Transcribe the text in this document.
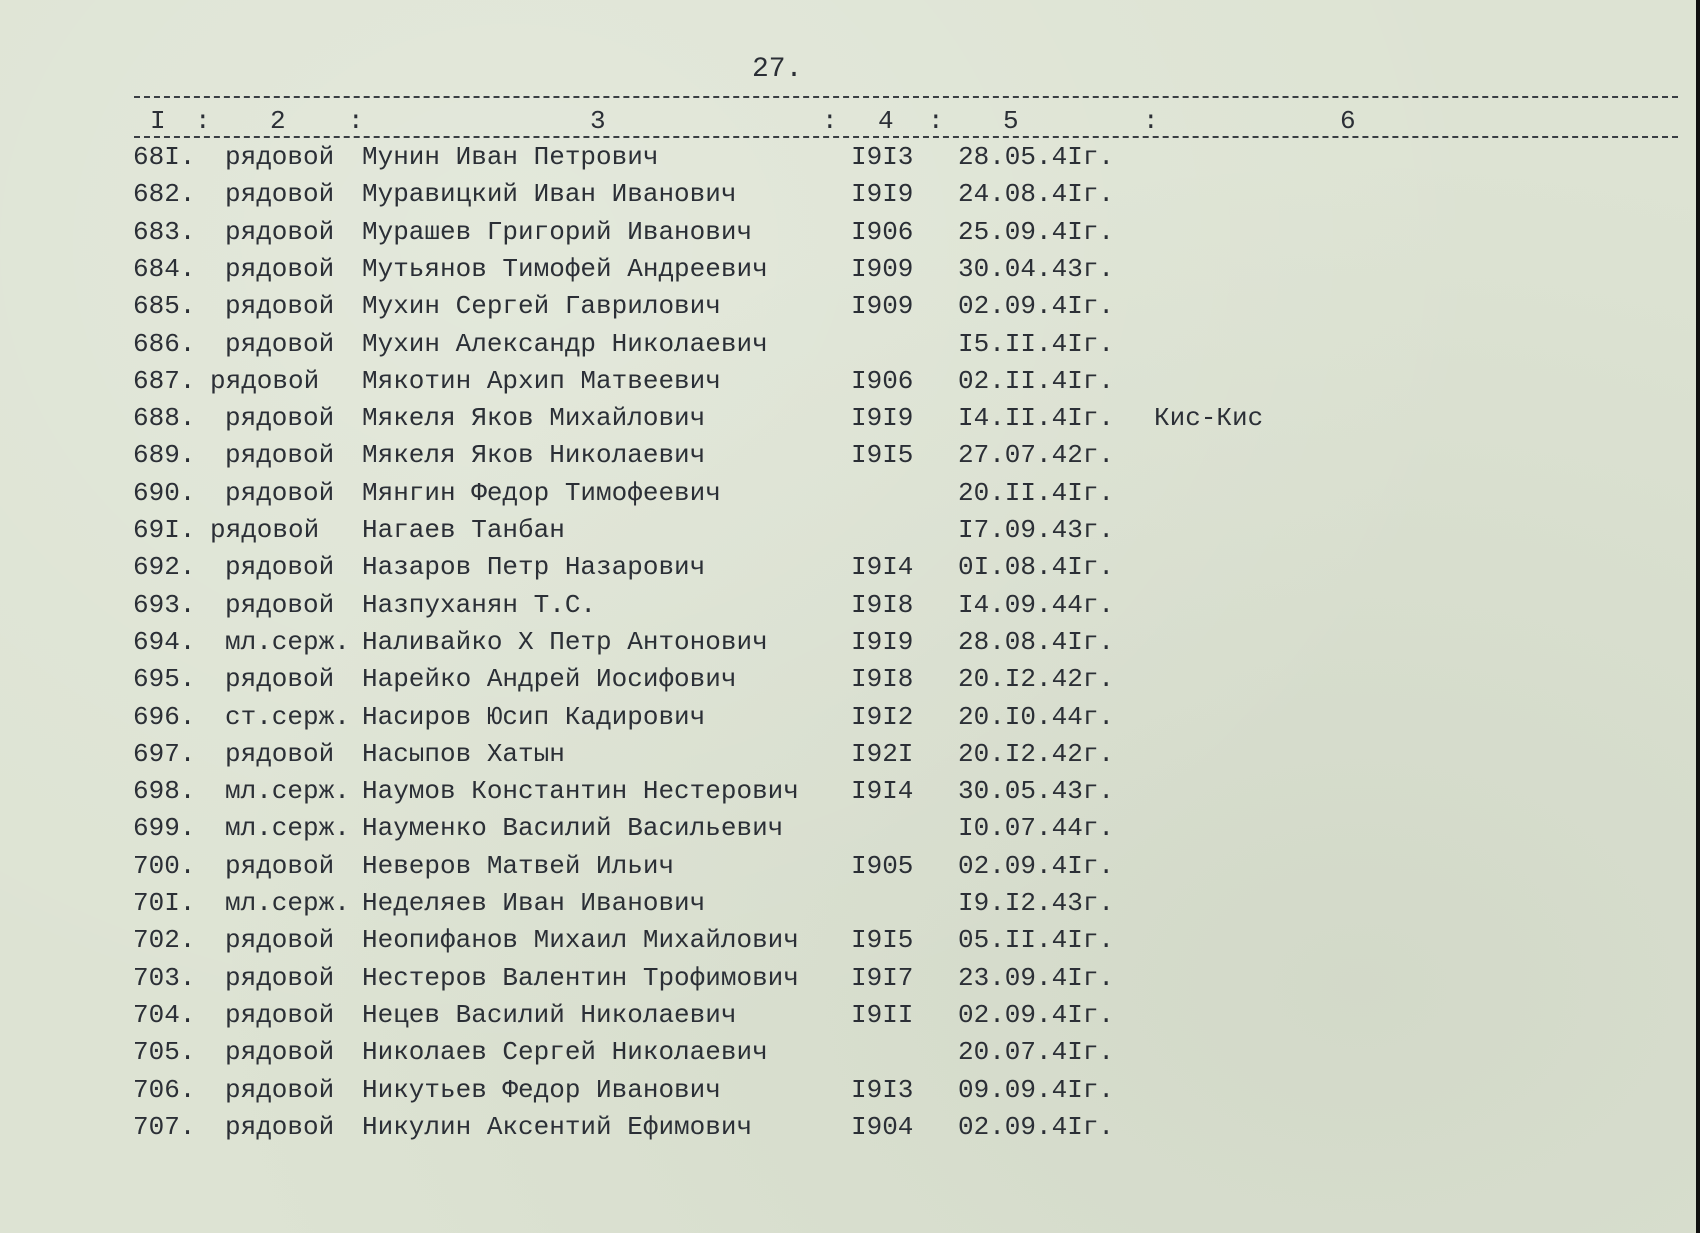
27.
I : 2 :	3	: 4 : 5	:	6
68I. рядовой Мунин Иван Петрович	I9I3 28.05.4Iг.
682. рядовой Муравицкий Иван Иванович	I9I9 24.08.4Iг.
683. рядовой Мурашев Григорий Иванович	I906 25.09.4Iг.
684. рядовой Мутьянов Тимофей Андреевич	I909 30.04.43г.
685. рядовой Мухин Сергей Гаврилович	I909 02.09.4Iг.
686. рядовой Мухин Александр Николаевич	I5.II.4Iг.
687. рядовой Мякотин Архип Матвеевич	I906 02.II.4Iг.
688. рядовой Мякеля Яков Михайлович	I9I9 I4.II.4Iг. Кис-Кис
689. рядовой Мякеля Яков Николаевич	I9I5 27.07.42г.
690. рядовой Мянгин Федор Тимофеевич	20.II.4Iг.
69I. рядовой Нагаев Танбан	I7.09.43г.
692. рядовой Назаров Петр Назарович	I9I4 0I.08.4Iг.
693. рядовой Назпуханян Т.С.	I9I8 I4.09.44г.
694. мл.серж. Наливайко Х Петр Антонович	I9I9 28.08.4Iг.
695. рядовой Нарейко Андрей Иосифович	I9I8 20.I2.42г.
696. ст.серж. Насиров Юсип Кадирович	I9I2 20.I0.44г.
697. рядовой Насыпов Хатын	I92I 20.I2.42г.
698. мл.серж. Наумов Константин Нестерович I9I4 30.05.43г.
699. мл.серж. Науменко Василий Васильевич	I0.07.44г.
700. рядовой Неверов Матвей Ильич	I905 02.09.4Iг.
70I. мл.серж. Неделяев Иван Иванович	I9.I2.43г.
702. рядовой Неопифанов Михаил Михайлович I9I5 05.II.4Iг.
703. рядовой Нестеров Валентин Трофимович I9I7 23.09.4Iг.
704. рядовой Нецев Василий Николаевич	I9II 02.09.4Iг.
705. рядовой Николаев Сергей Николаевич	20.07.4Iг.
706. рядовой Никутьев Федор Иванович	I9I3 09.09.4Iг.
707. рядовой Никулин Аксентий Ефимович	I904 02.09.4Iг.
